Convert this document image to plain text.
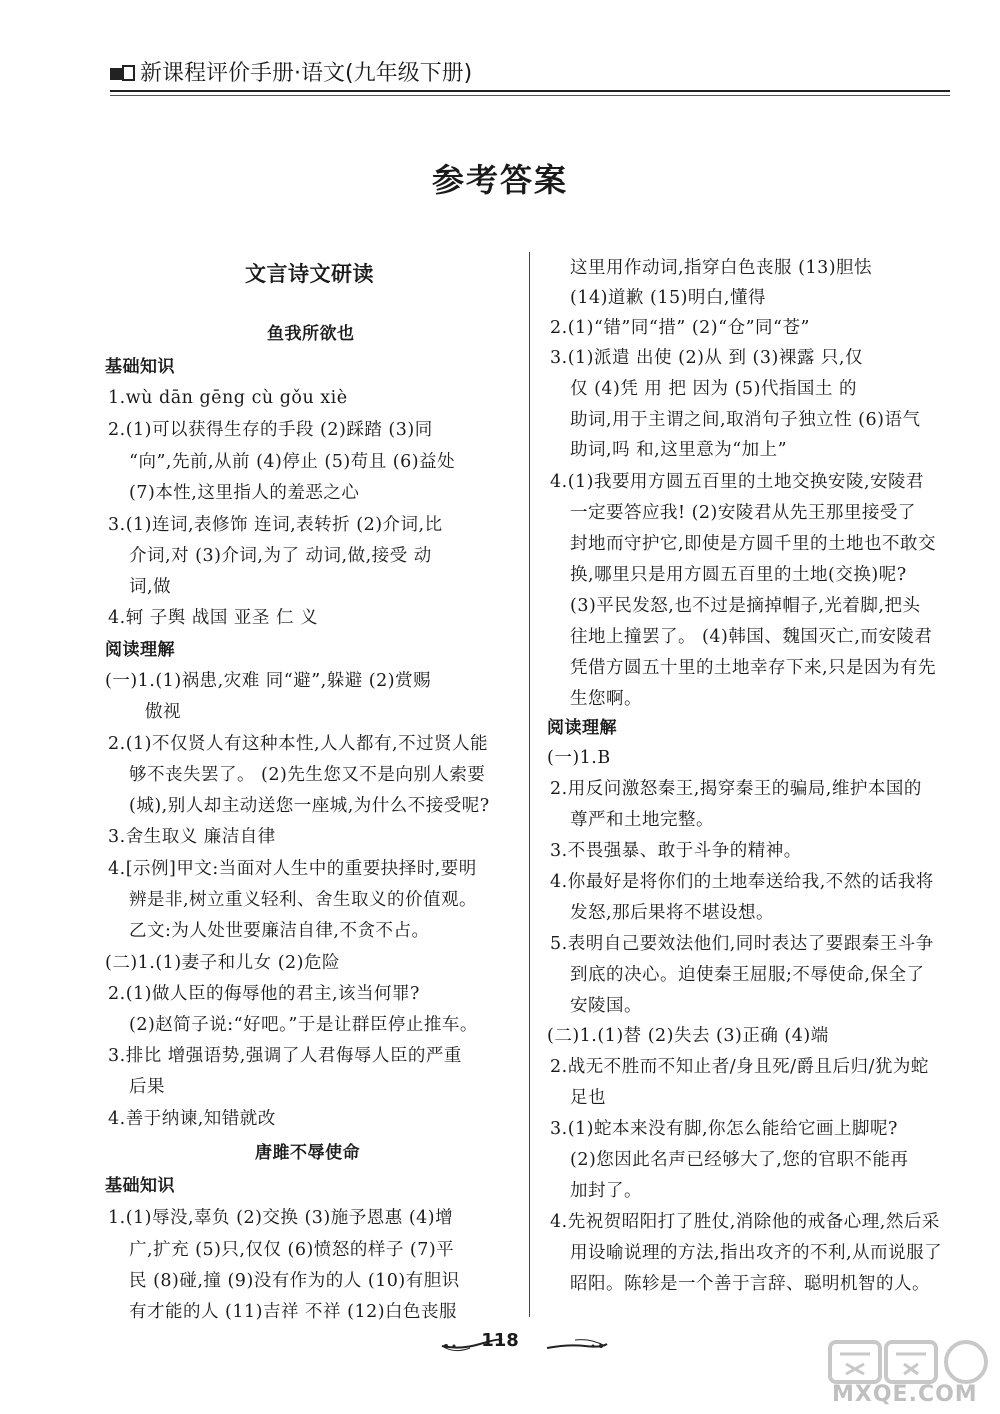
新课程评价手册·语文(九年级下册)
参考答案
文言诗文研读
鱼我所欲也
基础知识
1.wù dān gēng cù gǒu xiè
2.(1)可以获得生存的手段 (2)踩踏 (3)同
“向”,先前,从前 (4)停止 (5)苟且 (6)益处
(7)本性,这里指人的羞恶之心
3.(1)连词,表修饰 连词,表转折 (2)介词,比
介词,对 (3)介词,为了 动词,做,接受 动
词,做
4.轲 子舆 战国 亚圣 仁 义
阅读理解
(一)1.(1)祸患,灾难 同“避”,躲避 (2)赏赐
傲视
2.(1)不仅贤人有这种本性,人人都有,不过贤人能
够不丧失罢了。 (2)先生您又不是向别人索要
(城),别人却主动送您一座城,为什么不接受呢?
3.舍生取义 廉洁自律
4.[示例]甲文:当面对人生中的重要抉择时,要明
辨是非,树立重义轻利、舍生取义的价值观。
乙文:为人处世要廉洁自律,不贪不占。
(二)1.(1)妻子和儿女 (2)危险
2.(1)做人臣的侮辱他的君主,该当何罪?
(2)赵简子说:“好吧。”于是让群臣停止推车。
3.排比 增强语势,强调了人君侮辱人臣的严重
后果
4.善于纳谏,知错就改
唐雎不辱使命
基础知识
1.(1)辱没,辜负 (2)交换 (3)施予恩惠 (4)增
广,扩充 (5)只,仅仅 (6)愤怒的样子 (7)平
民 (8)碰,撞 (9)没有作为的人 (10)有胆识
有才能的人 (11)吉祥 不祥 (12)白色丧服
这里用作动词,指穿白色丧服 (13)胆怯
(14)道歉 (15)明白,懂得
2.(1)“错”同“措” (2)“仓”同“苍”
3.(1)派遣 出使 (2)从 到 (3)裸露 只,仅
仅 (4)凭 用 把 因为 (5)代指国土 的
助词,用于主谓之间,取消句子独立性 (6)语气
助词,吗 和,这里意为“加上”
4.(1)我要用方圆五百里的土地交换安陵,安陵君
一定要答应我! (2)安陵君从先王那里接受了
封地而守护它,即使是方圆千里的土地也不敢交
换,哪里只是用方圆五百里的土地(交换)呢?
(3)平民发怒,也不过是摘掉帽子,光着脚,把头
往地上撞罢了。 (4)韩国、魏国灭亡,而安陵君
凭借方圆五十里的土地幸存下来,只是因为有先
生您啊。
阅读理解
(一)1.B
2.用反问激怒秦王,揭穿秦王的骗局,维护本国的
尊严和土地完整。
3.不畏强暴、敢于斗争的精神。
4.你最好是将你们的土地奉送给我,不然的话我将
发怒,那后果将不堪设想。
5.表明自己要效法他们,同时表达了要跟秦王斗争
到底的决心。迫使秦王屈服;不辱使命,保全了
安陵国。
(二)1.(1)替 (2)失去 (3)正确 (4)端
2.战无不胜而不知止者/身且死/爵且后归/犹为蛇
足也
3.(1)蛇本来没有脚,你怎么能给它画上脚呢?
(2)您因此名声已经够大了,您的官职不能再
加封了。
4.先祝贺昭阳打了胜仗,消除他的戒备心理,然后采
用设喻说理的方法,指出攻齐的不利,从而说服了
昭阳。陈轸是一个善于言辞、聪明机智的人。
118
MXQE.COM
